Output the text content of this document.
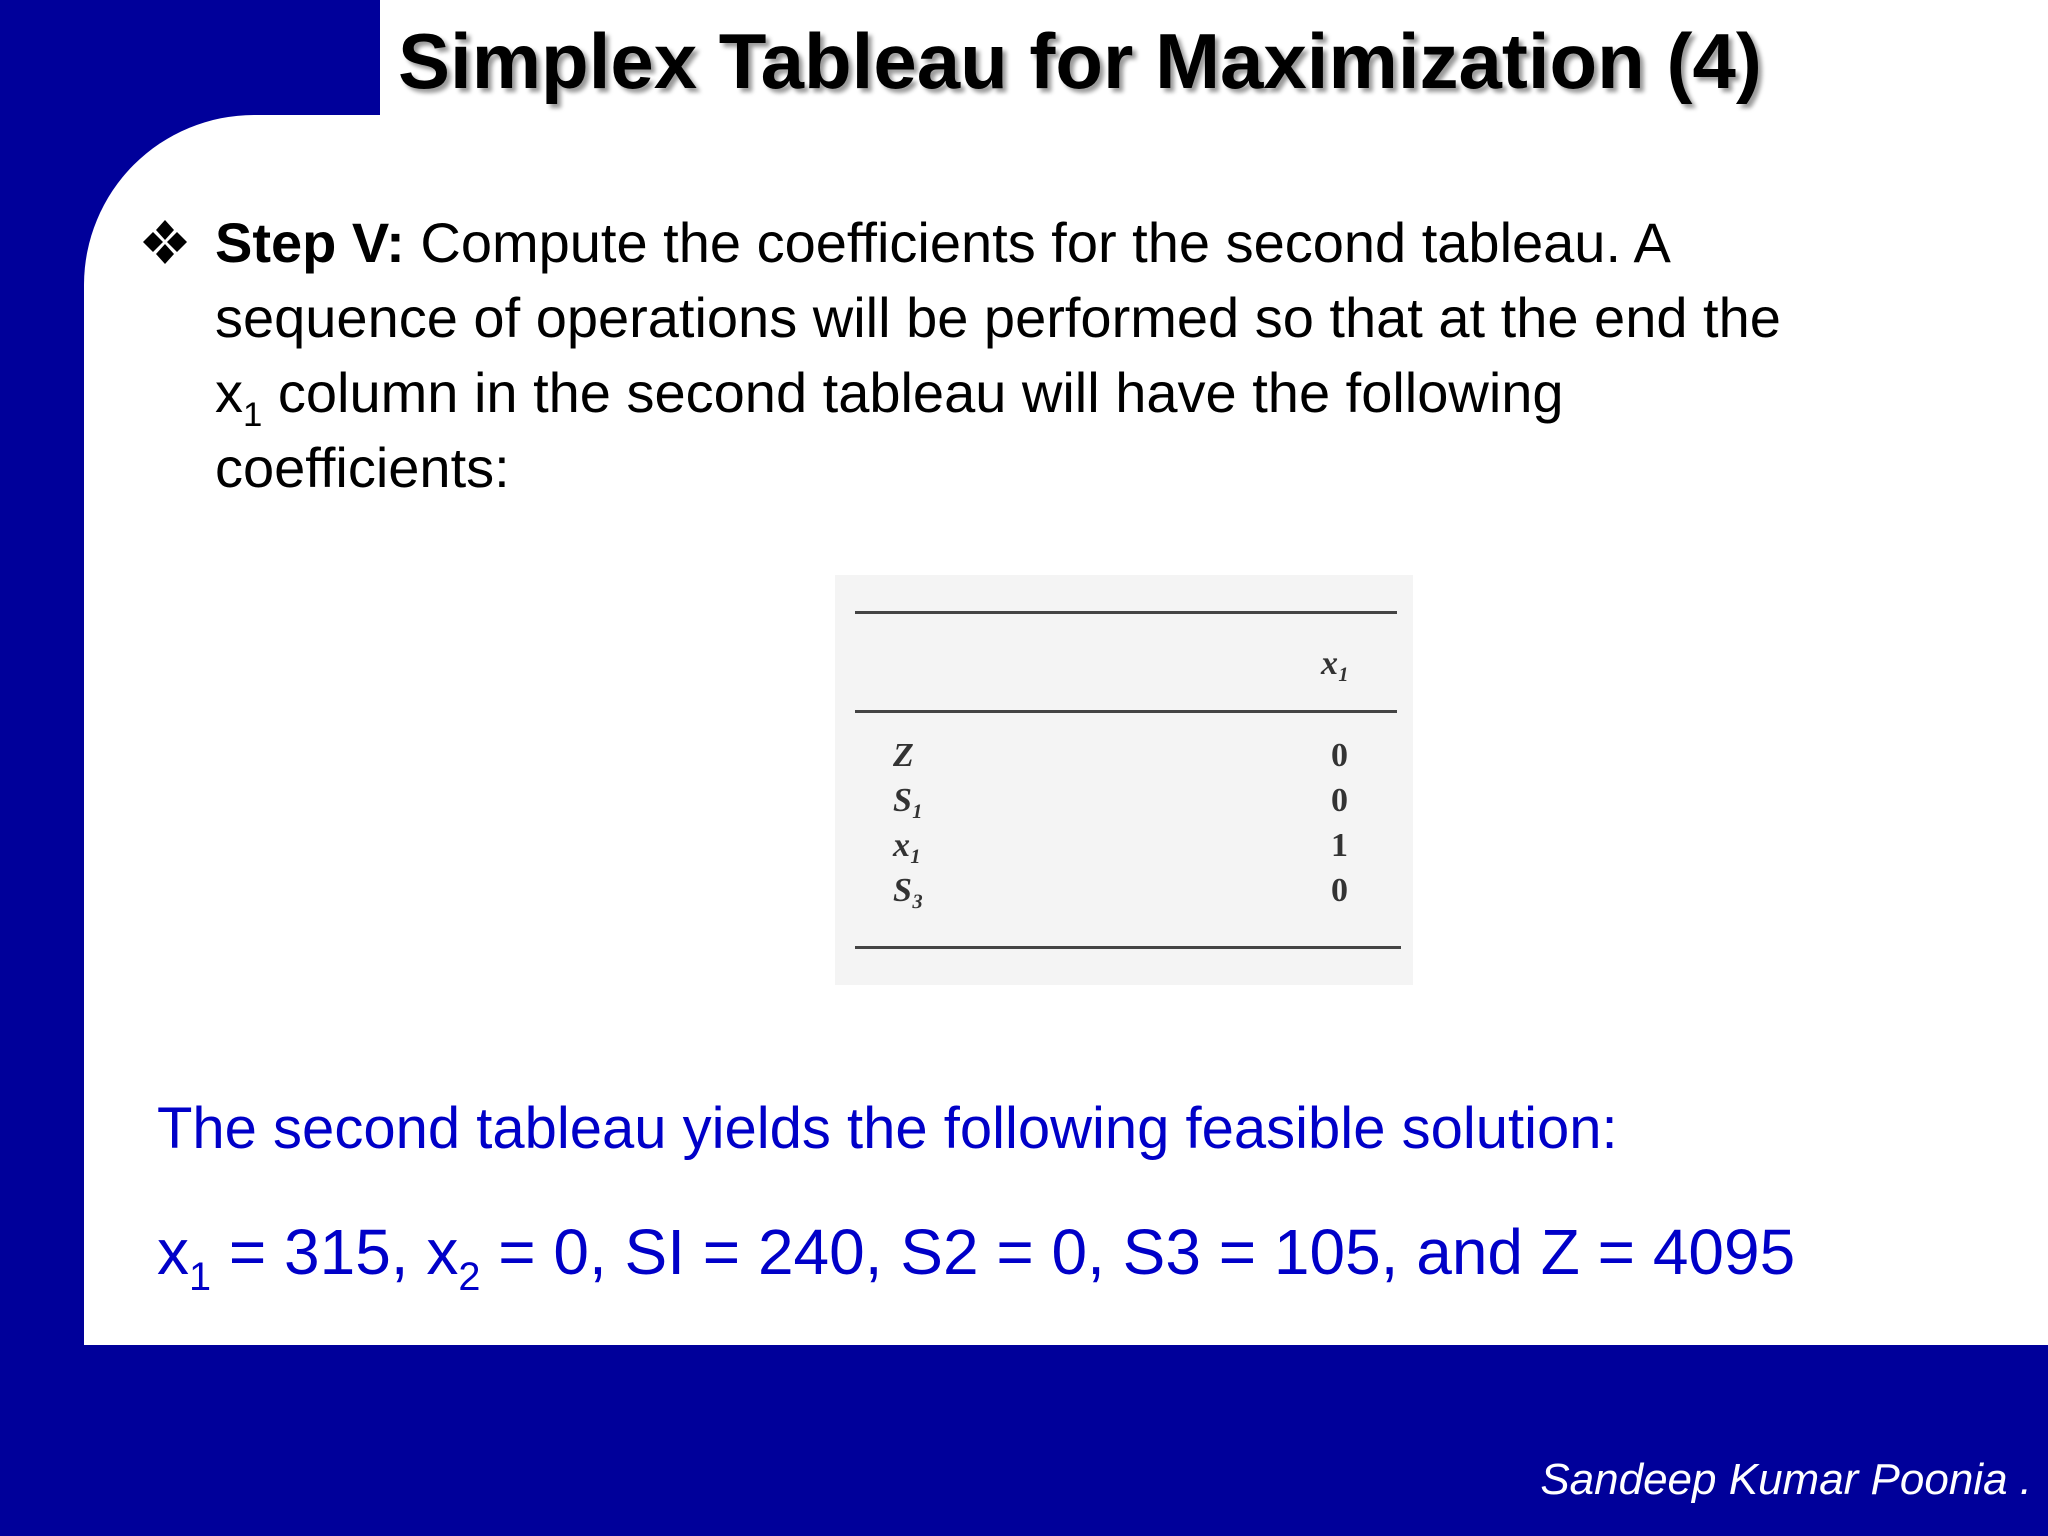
Simplex Tableau for Maximization (4)
Step V: Compute the coefficients for the second tableau. A
sequence of operations will be performed so that at the end the
$x_1$ column in the second tableau will have the following
coefficients:
x₁
Z	0
S₁	0
x₁	1
S₃	0

The second tableau yields the following feasible solution:

$x_1 = 315$, $x_2 = 0$, SI = 240, S2 = 0, S3 = 105, and Z = 4095

Sandeep Kumar Poonia .
